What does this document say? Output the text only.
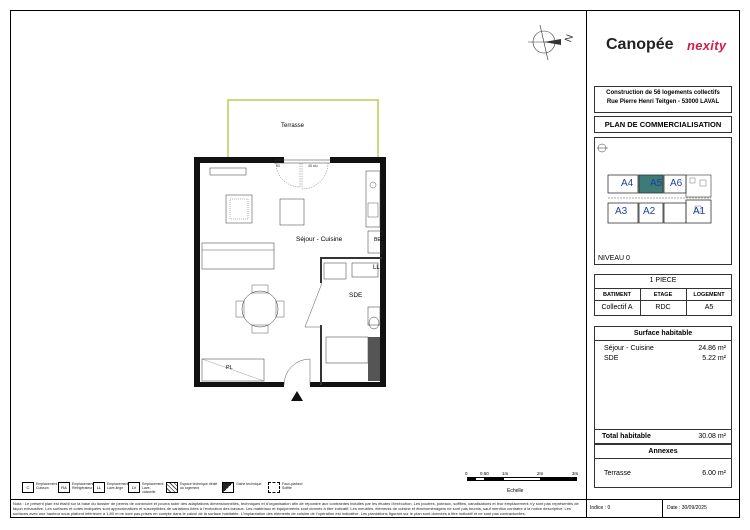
N Canopée nexity
Construction de 56 logements collectifs
Rue Pierre Henri Teitgen - 53000 LAVAL
PLAN DE COMMERCIALISATION
A4 A5 A6
A3 A2	A1
NIVEAU 0
1 PIECE
BATIMENT	ETAGE	LOGEMENT
Collectif A	RDC	A5
Surface habitable
Séjour - Cuisine	24.86 m²
SDE	5.22 m²
Total habitable	30.08 m²
Annexes
Terrasse	6.00 m²
Terrasse
90	45 stu
Séjour - Cuisine	BEC
LL
SDE
PL
0	0.50	1m	2m	3m
Echelle
C
Emplacement Cuisson	RA
Emplacement Réfrigérateur	LL
Emplacement Lave-linge	LV
Emplacement Lave-vaisselle
Espace technique dédié au logement
Gaine technique	Faux-plafond Soffite
Nota : Le présent plan est établi sur la base du dossier de permis de construire et pourra subir des adaptations dimensionnelles, techniques et d'organisation afin de répondre aux contraintes induites par les études d'exécution. Les poutres, poteaux, soffites, canalisations et leur emplacement n'y sont pas représentés de façon exhaustive. Les surfaces et cotes indiquées sont approximatives et susceptibles de variations liées à l'exécution des travaux. Les matériaux et équipements sont donnés à titre indicatif. Les meubles, éléments de cuisine et électroménagers ne sont pas fournis, sauf mention contraire à la notice descriptive. Les surfaces avec une hauteur sous plafond inférieure à 1,80 m ne sont pas prises en compte dans le calcul de la surface habitable. L'implantation des éléments de cuisine de l'opération est indicative. Les plantations figurant sur le plan sont données à titre indicatif et ne sont pas contractuelles.
Indice : 0	Date : 30/09/2025
